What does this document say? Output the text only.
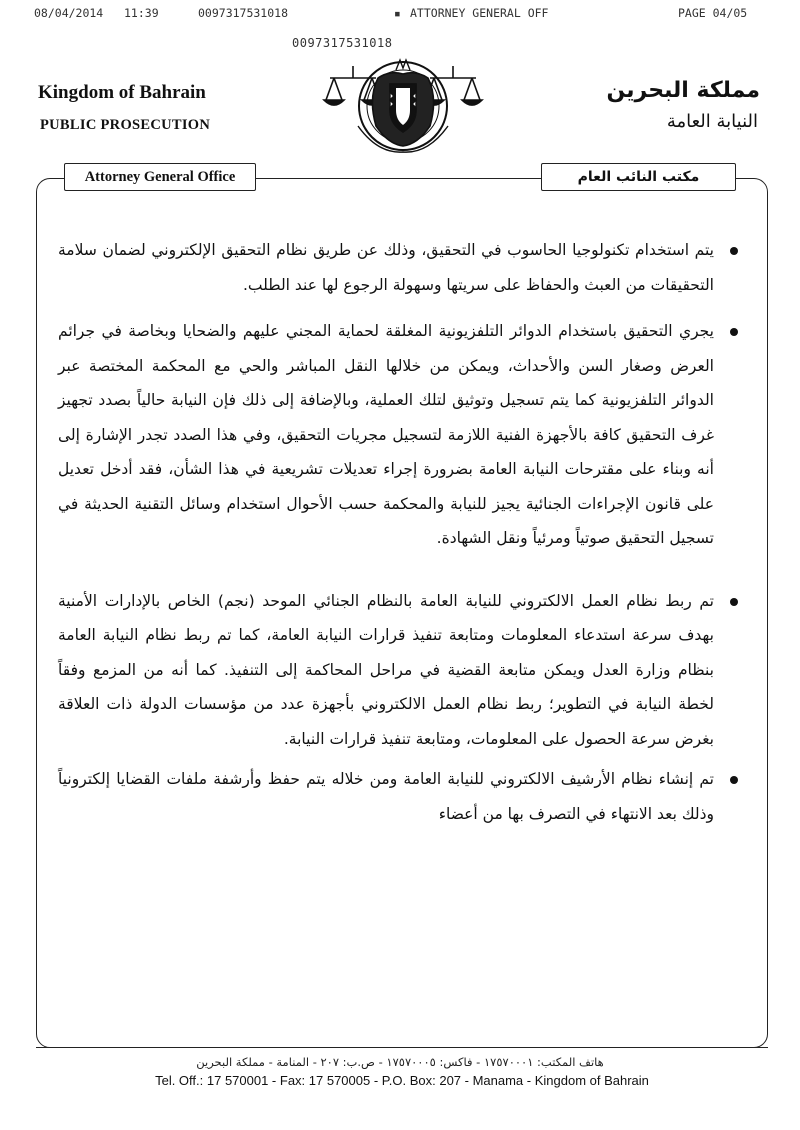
08/04/2014 11:39	0097317531018	▪ ATTORNEY GENERAL OFF	PAGE 04/05
0097317531018
Kingdom of Bahrain
PUBLIC PROSECUTION
مملكة البحرين
النيابة العامة
Attorney General Office	مكتب النائب العام

يتم استخدام تكنولوجيا الحاسوب في التحقيق، وذلك عن طريق نظام التحقيق الإلكتروني لضمان سلامة التحقيقات من العبث والحفاظ على سريتها وسهولة الرجوع لها عند الطلب.

يجري التحقيق باستخدام الدوائر التلفزيونية المغلقة لحماية المجني عليهم والضحايا وبخاصة في جرائم العرض وصغار السن والأحداث، ويمكن من خلالها النقل المباشر والحي مع المحكمة المختصة عبر الدوائر التلفزيونية كما يتم تسجيل وتوثيق لتلك العملية، وبالإضافة إلى ذلك فإن النيابة حالياً بصدد تجهيز غرف التحقيق كافة بالأجهزة الفنية اللازمة لتسجيل مجريات التحقيق، وفي هذا الصدد تجدر الإشارة إلى أنه وبناء على مقترحات النيابة العامة بضرورة إجراء تعديلات تشريعية في هذا الشأن، فقد أدخل تعديل على قانون الإجراءات الجنائية يجيز للنيابة والمحكمة حسب الأحوال استخدام وسائل التقنية الحديثة في تسجيل التحقيق صوتياً ومرئياً ونقل الشهادة.

تم ربط نظام العمل الالكتروني للنيابة العامة بالنظام الجنائي الموحد (نجم) الخاص بالإدارات الأمنية بهدف سرعة استدعاء المعلومات ومتابعة تنفيذ قرارات النيابة العامة، كما تم ربط نظام النيابة العامة بنظام وزارة العدل ويمكن متابعة القضية في مراحل المحاكمة إلى التنفيذ. كما أنه من المزمع وفقاً لخطة النيابة في التطوير؛ ربط نظام العمل الالكتروني بأجهزة عدد من مؤسسات الدولة ذات العلاقة بغرض سرعة الحصول على المعلومات، ومتابعة تنفيذ قرارات النيابة.

تم إنشاء نظام الأرشيف الالكتروني للنيابة العامة ومن خلاله يتم حفظ وأرشفة ملفات القضايا إلكترونياً وذلك بعد الانتهاء في التصرف بها من أعضاء

هاتف المكتب: ١٧٥٧٠٠٠١ - فاكس: ١٧٥٧٠٠٠٥ - ص.ب: ٢٠٧ - المنامة - مملكة البحرين
Tel. Off.: 17 570001 - Fax: 17 570005 - P.O. Box: 207 - Manama - Kingdom of Bahrain
